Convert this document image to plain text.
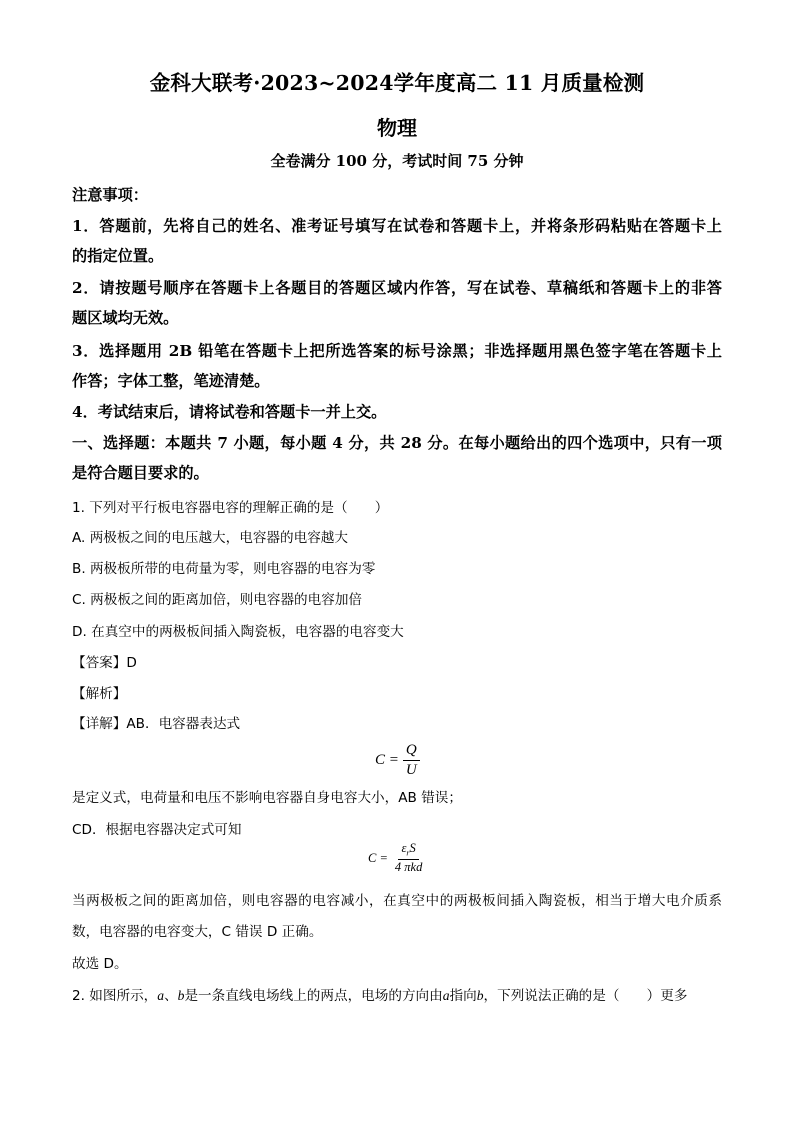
金科大联考·2023~2024学年度高二 11 月质量检测
物理
全卷满分 100 分，考试时间 75 分钟
注意事项：
1．答题前，先将自己的姓名、准考证号填写在试卷和答题卡上，并将条形码粘贴在答题卡上
的指定位置。
2．请按题号顺序在答题卡上各题目的答题区域内作答，写在试卷、草稿纸和答题卡上的非答
题区域均无效。
3．选择题用 2B 铅笔在答题卡上把所选答案的标号涂黑；非选择题用黑色签字笔在答题卡上
作答；字体工整，笔迹清楚。
4．考试结束后，请将试卷和答题卡一并上交。
一、选择题：本题共 7 小题，每小题 4 分，共 28 分。在每小题给出的四个选项中，只有一项
是符合题目要求的。
1. 下列对平行板电容器电容的理解正确的是（　　）
A. 两极板之间的电压越大，电容器的电容越大
B. 两极板所带的电荷量为零，则电容器的电容为零
C. 两极板之间的距离加倍，则电容器的电容加倍
D. 在真空中的两极板间插入陶瓷板，电容器的电容变大
【答案】D
【解析】
【详解】AB．电容器表达式
$C = \frac{Q}{U}$
是定义式，电荷量和电压不影响电容器自身电容大小，AB 错误；
CD．根据电容器决定式可知
$C = \frac{\varepsilon_rS}{\text{4 πkd}}$
当两极板之间的距离加倍，则电容器的电容减小，在真空中的两极板间插入陶瓷板，相当于增大电介质系
数，电容器的电容变大，C 错误 D 正确。
故选 D。
2. 如图所示，a、b是一条直线电场线上的两点，电场的方向由a指向b，下列说法正确的是（　　）更多
